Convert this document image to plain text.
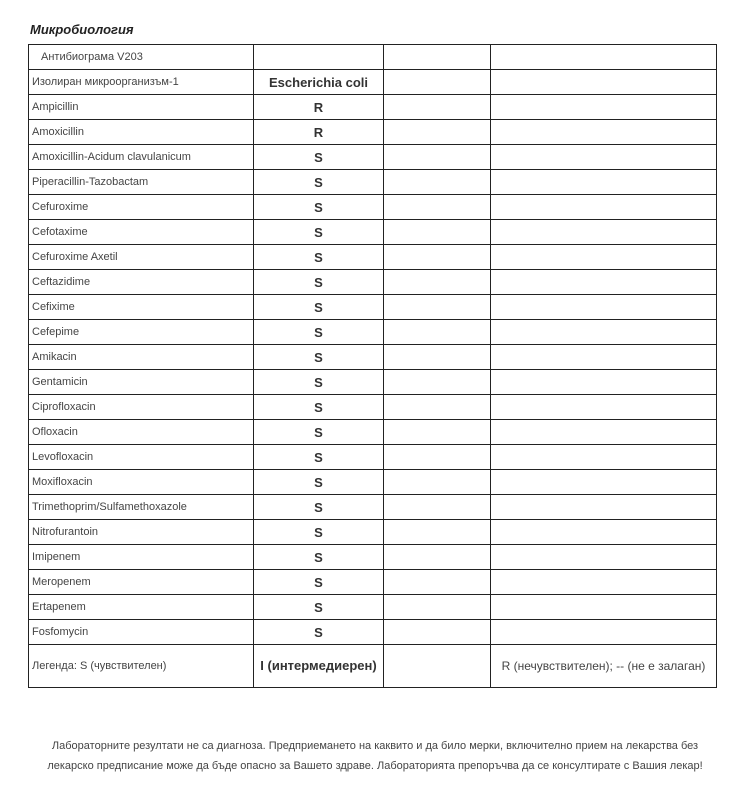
Микробиология
Антибиограма V203			
Изолиран микроорганизъм-1	Escherichia coli		
Ampicillin	R		
Amoxicillin	R		
Amoxicillin-Acidum clavulanicum	S		
Piperacillin-Tazobactam	S		
Cefuroxime	S		
Cefotaxime	S		
Cefuroxime Axetil	S		
Ceftazidime	S		
Cefixime	S		
Cefepime	S		
Amikacin	S		
Gentamicin	S		
Ciprofloxacin	S		
Ofloxacin	S		
Levofloxacin	S		
Moxifloxacin	S		
Trimethoprim/Sulfamethoxazole	S		
Nitrofurantoin	S		
Imipenem	S		
Meropenem	S		
Ertapenem	S		
Fosfomycin	S		
Легенда: S (чувствителен)	I (интермедиерен)		R (нечувствителен); -- (не е залаган)
Лабораторните резултати не са диагноза. Предприемането на каквито и да било мерки, включително прием на лекарства без лекарско предписание може да бъде опасно за Вашето здраве. Лабораторията препоръчва да се консултирате с Вашия лекар!
